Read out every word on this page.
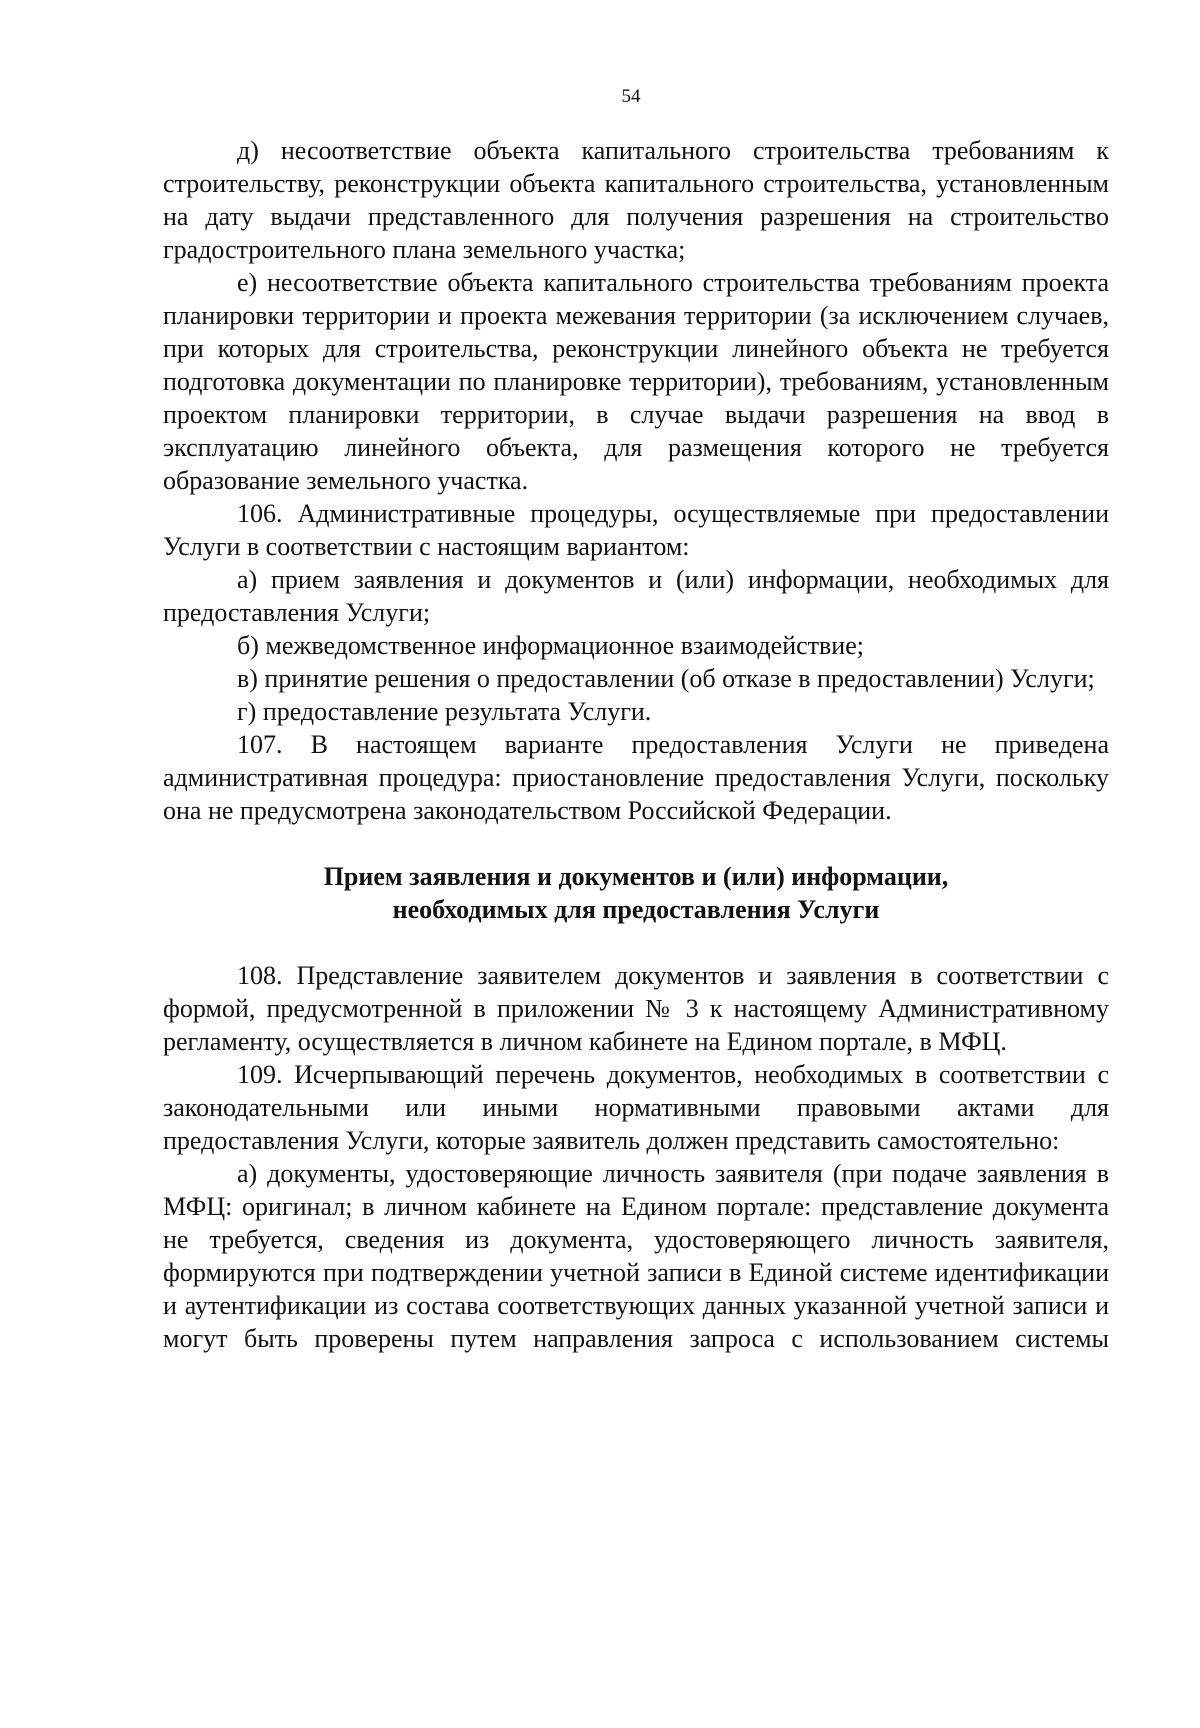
54

д) несоответствие объекта капитального строительства требованиям к строительству, реконструкции объекта капитального строительства, установленным на дату выдачи представленного для получения разрешения на строительство градостроительного плана земельного участка;

е) несоответствие объекта капитального строительства требованиям проекта планировки территории и проекта межевания территории (за исключением случаев, при которых для строительства, реконструкции линейного объекта не требуется подготовка документации по планировке территории), требованиям, установленным проектом планировки территории, в случае выдачи разрешения на ввод в эксплуатацию линейного объекта, для размещения которого не требуется образование земельного участка.

106. Административные процедуры, осуществляемые при предоставлении Услуги в соответствии с настоящим вариантом:

а) прием заявления и документов и (или) информации, необходимых для предоставления Услуги;

б) межведомственное информационное взаимодействие;

в) принятие решения о предоставлении (об отказе в предоставлении) Услуги;

г) предоставление результата Услуги.

107. В настоящем варианте предоставления Услуги не приведена административная процедура: приостановление предоставления Услуги, поскольку она не предусмотрена законодательством Российской Федерации.

Прием заявления и документов и (или) информации,
необходимых для предоставления Услуги

108. Представление заявителем документов и заявления в соответствии с формой, предусмотренной в приложении № 3 к настоящему Административному регламенту, осуществляется в личном кабинете на Едином портале, в МФЦ.

109. Исчерпывающий перечень документов, необходимых в соответствии с законодательными или иными нормативными правовыми актами для предоставления Услуги, которые заявитель должен представить самостоятельно:

а) документы, удостоверяющие личность заявителя (при подаче заявления в МФЦ: оригинал; в личном кабинете на Едином портале: представление документа не требуется, сведения из документа, удостоверяющего личность заявителя, формируются при подтверждении учетной записи в Единой системе идентификации и аутентификации из состава соответствующих данных указанной учетной записи и могут быть проверены путем направления запроса с использованием системы
